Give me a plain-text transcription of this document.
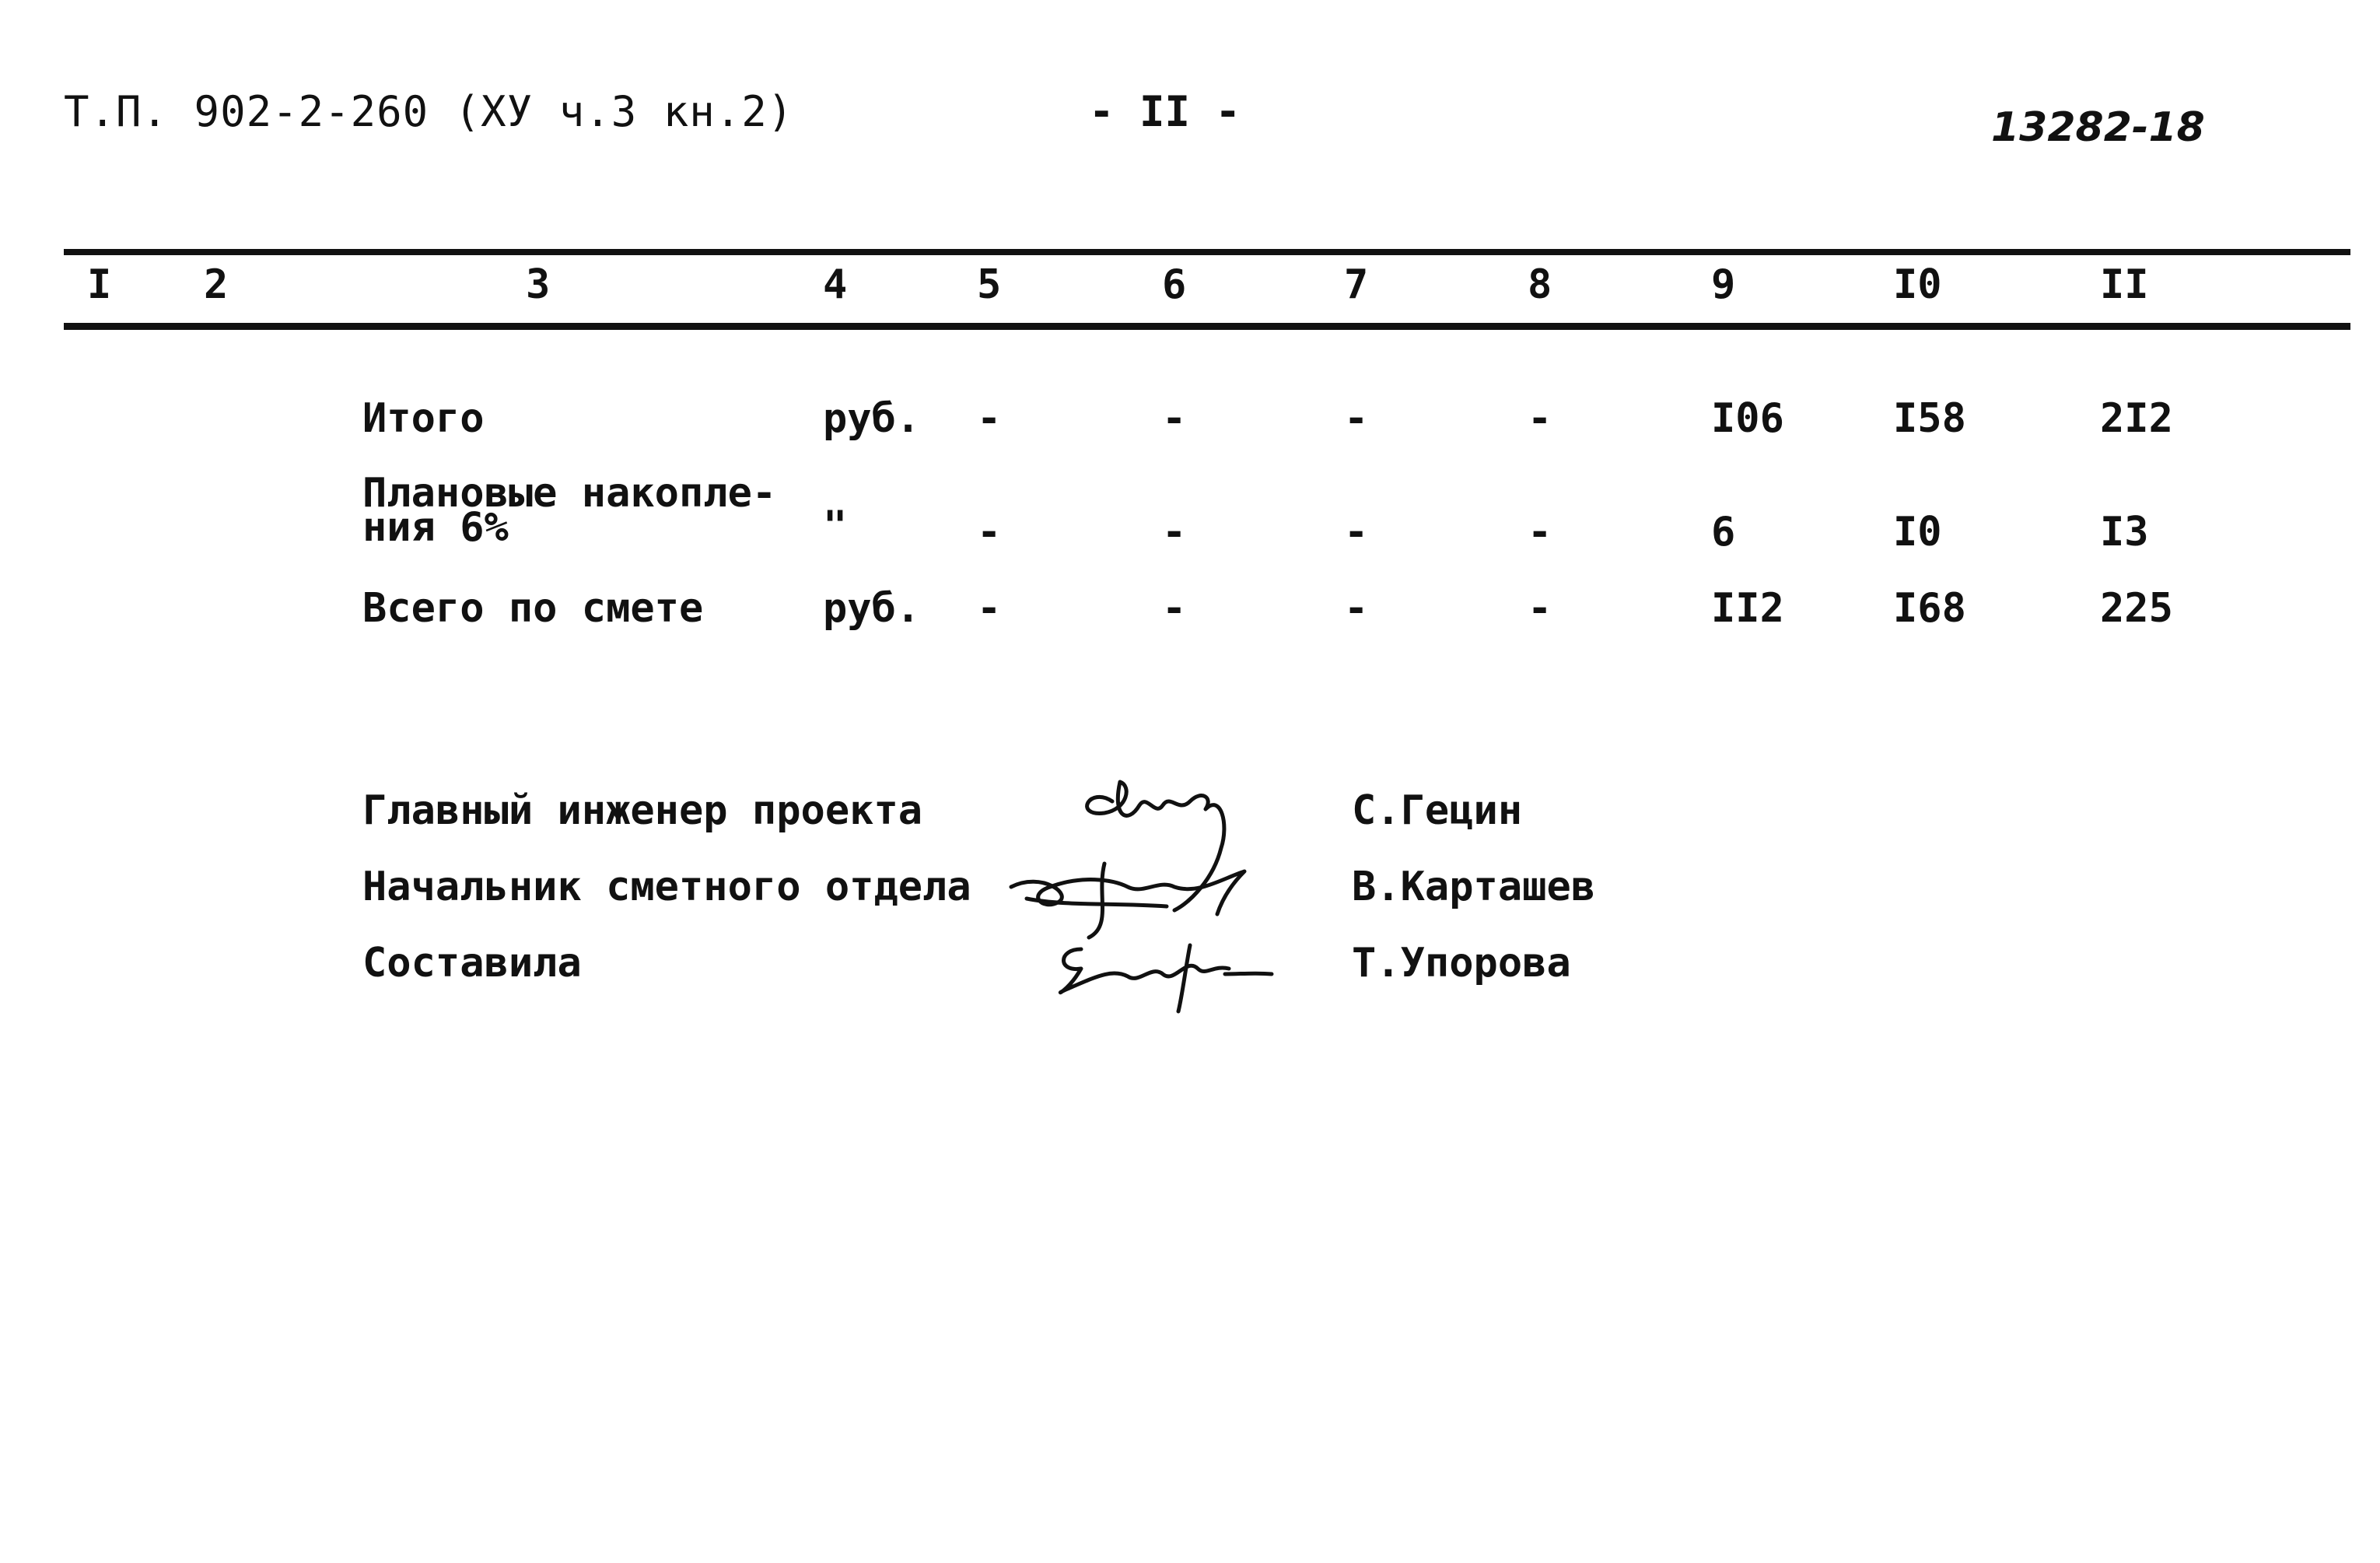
Т.П. 902-2-260 (ХУ ч.3 кн.2)	- II -	13282-18
I 2	3	4	5	6	7	8	9	I0	II
Итого	руб. -	-	-	-	I06	I58	2I2
Плановые накопле-
ния 6%	"	-	-	-	-	6	I0	I3
Всего по смете	руб. -	-	-	-	II2	I68	225
Главный инженер проекта	С.Гецин
Начальник сметного отдела	В.Карташев
Составила	Т.Упорова
